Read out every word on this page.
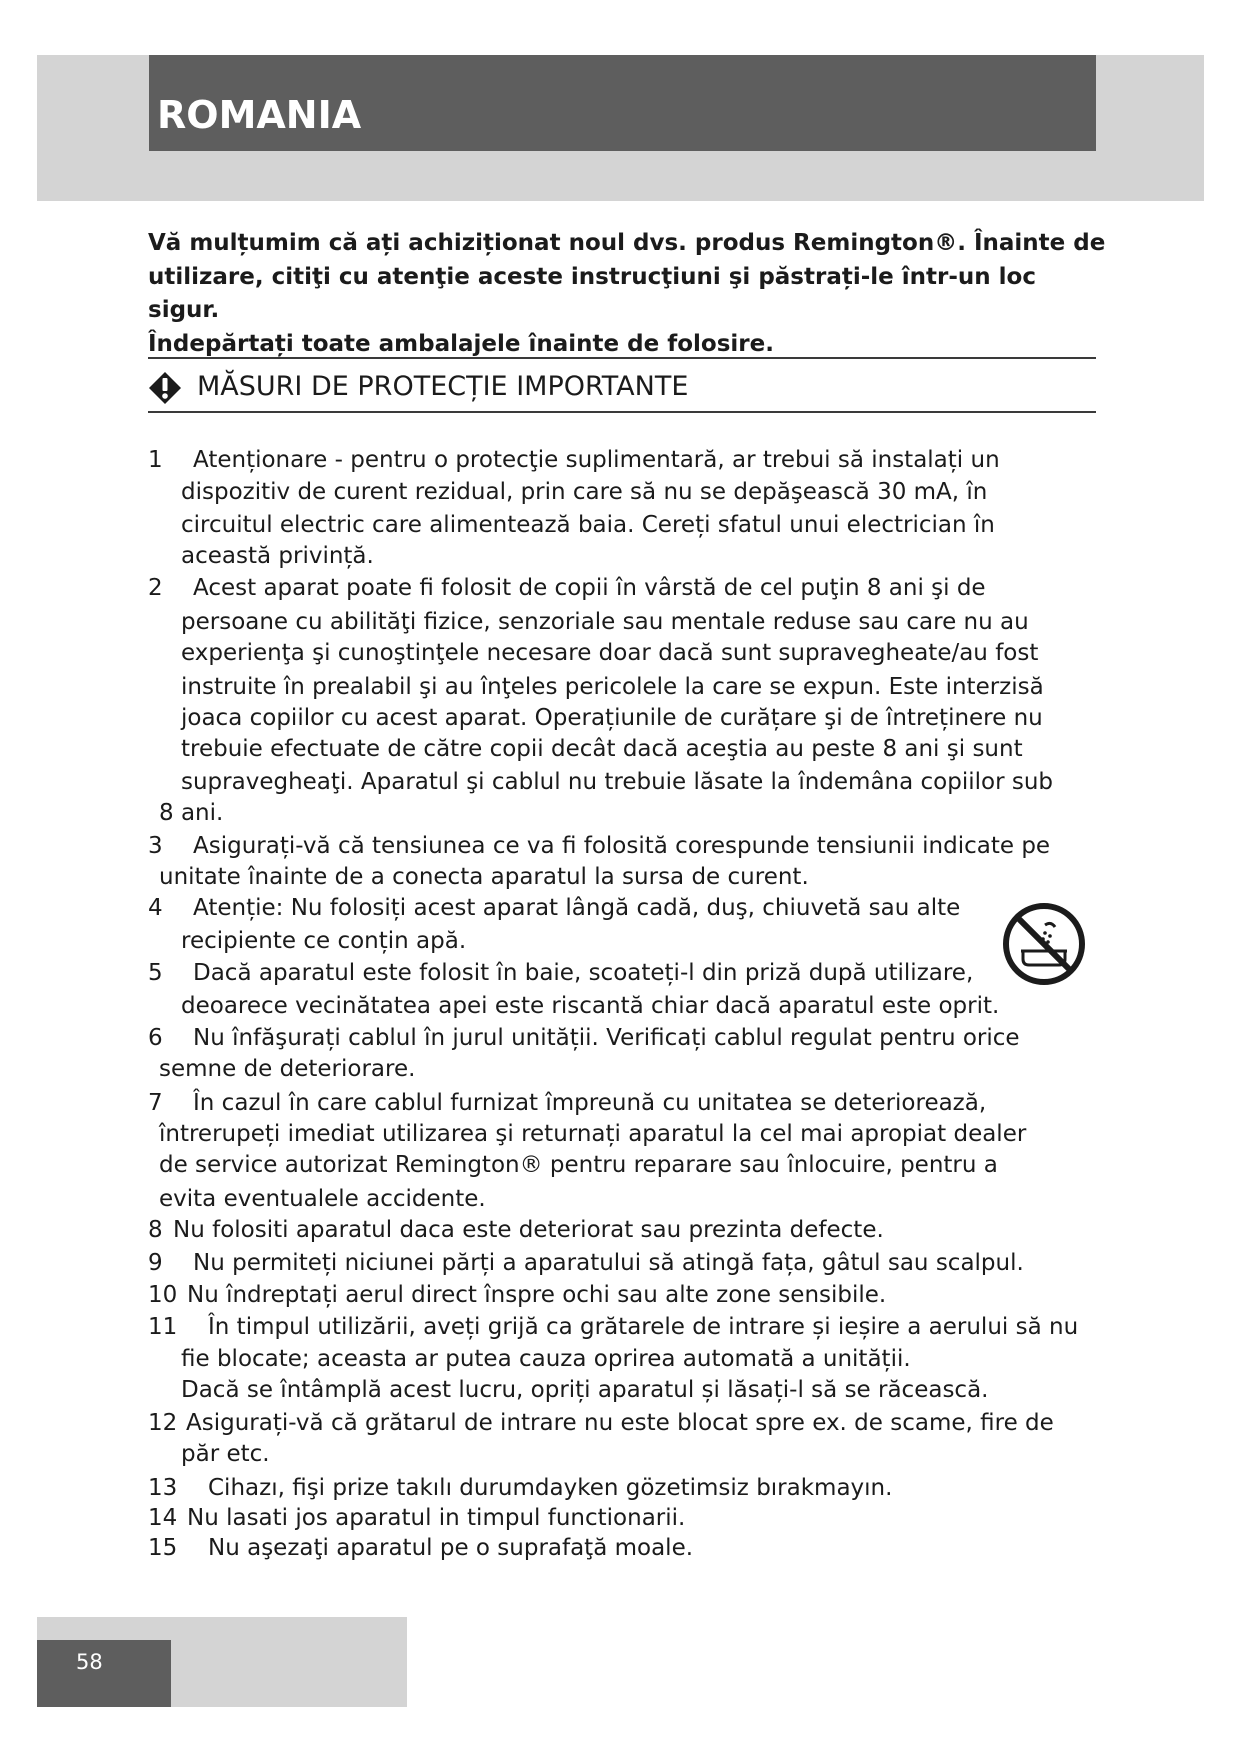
ROMANIA
Vă mulțumim că ați achiziționat noul dvs. produs Remington®. Înainte de
utilizare, citiţi cu atenţie aceste instrucţiuni şi păstrați-le într-un loc sigur.
Îndepărtați toate ambalajele înainte de folosire.
MĂSURI DE PROTECȚIE IMPORTANTE
1 Atenționare - pentru o protecţie suplimentară, ar trebui să instalați un
dispozitiv de curent rezidual, prin care să nu se depăşească 30 mA, în
circuitul electric care alimentează baia. Cereți sfatul unui electrician în
această privință.
2 Acest aparat poate fi folosit de copii în vârstă de cel puţin 8 ani şi de
persoane cu abilităţi fizice, senzoriale sau mentale reduse sau care nu au
experienţa şi cunoştinţele necesare doar dacă sunt supravegheate/au fost
instruite în prealabil şi au înţeles pericolele la care se expun. Este interzisă
joaca copiilor cu acest aparat. Operațiunile de curățare şi de întreținere nu
trebuie efectuate de către copii decât dacă aceştia au peste 8 ani şi sunt
supravegheaţi. Aparatul şi cablul nu trebuie lăsate la îndemâna copiilor sub
8 ani.
3 Asigurați-vă că tensiunea ce va fi folosită corespunde tensiunii indicate pe
unitate înainte de a conecta aparatul la sursa de curent.
4 Atenție: Nu folosiți acest aparat lângă cadă, duş, chiuvetă sau alte
recipiente ce conțin apă.
5 Dacă aparatul este folosit în baie, scoateți-l din priză după utilizare,
deoarece vecinătatea apei este riscantă chiar dacă aparatul este oprit.
6 Nu înfăşurați cablul în jurul unității. Verificați cablul regulat pentru orice
semne de deteriorare.
7 În cazul în care cablul furnizat împreună cu unitatea se deteriorează,
întrerupeți imediat utilizarea şi returnați aparatul la cel mai apropiat dealer
de service autorizat Remington® pentru reparare sau înlocuire, pentru a
evita eventualele accidente.
8 Nu folositi aparatul daca este deteriorat sau prezinta defecte.
9 Nu permiteți niciunei părți a aparatului să atingă fața, gâtul sau scalpul.
10 Nu îndreptați aerul direct înspre ochi sau alte zone sensibile.
11 În timpul utilizării, aveți grijă ca grătarele de intrare și ieșire a aerului să nu
fie blocate; aceasta ar putea cauza oprirea automată a unității.
Dacă se întâmplă acest lucru, opriți aparatul și lăsați-l să se răcească.
12 Asigurați-vă că grătarul de intrare nu este blocat spre ex. de scame, fire de
păr etc.
13 Cihazı, fişi prize takılı durumdayken gözetimsiz bırakmayın.
14 Nu lasati jos aparatul in timpul functionarii.
15 Nu aşezaţi aparatul pe o suprafaţă moale.
58
